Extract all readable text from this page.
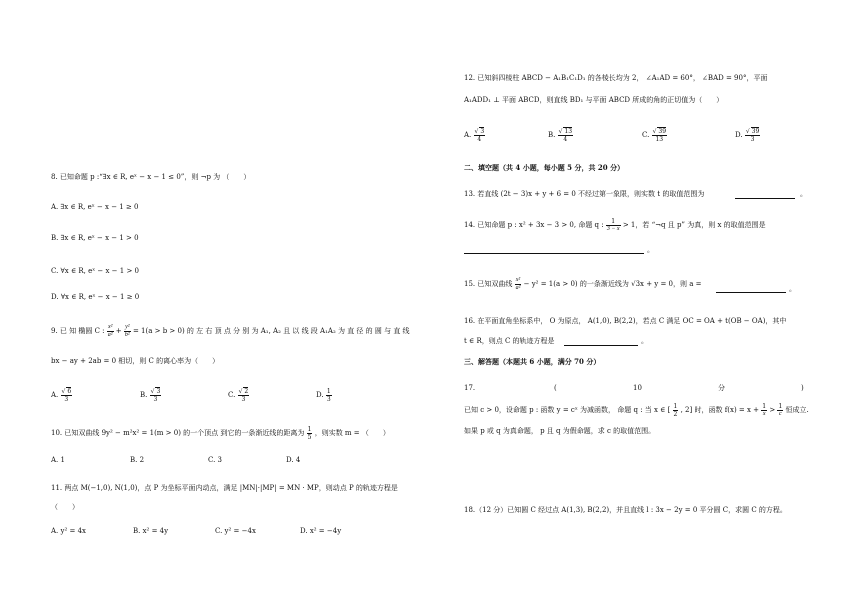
8. 已知命题 p :“∃x ∈ R, eˣ − x − 1 ≤ 0”，则 ¬p 为 （　　）
A. ∃x ∈ R, eˣ − x − 1 ≥ 0
B. ∃x ∈ R, eˣ − x − 1 > 0
C. ∀x ∈ R, eˣ − x − 1 > 0
D. ∀x ∈ R, eˣ − x − 1 ≥ 0
9. 已 知 椭圆 C : $\frac{\text{x²}}{\text{a²}} + \frac{\text{y²}}{\text{b²}} = 1(a > b > 0)$ 的 左 右 顶 点 分 别 为 A₁, A₂ 且 以 线 段 A₁A₂ 为 直 径 的 圆 与 直 线
bx − ay + 2ab = 0 相切，则 C 的离心率为（　　）
A. $\frac{√ 6}{3}$	B. $\frac{√ 3}{3}$	C. $\frac{√ 2}{3}$	D. $\frac{1}{3}$
10. 已知双曲线 9y² − m²x² = 1(m > 0) 的一个顶点 到它的一条渐近线的距离为 $\frac{1}{5}$ ，则实数 m = （　　）
A. 1	B. 2	C. 3	D. 4
11. 两点 M(−1,0), N(1,0)，点 P 为坐标平面内动点，满足 |MN|·|MP| = MN · MP，则动点 P 的轨迹方程是
（　　）
A. y² = 4x	B. x² = 4y	C. y² = −4x	D. x² = −4y
12. 已知斜四棱柱 ABCD − A₁B₁C₁D₁ 的各棱长均为 2， ∠A₁AD = 60°， ∠BAD = 90°，平面
A₁ADD₁ ⊥ 平面 ABCD，则直线 BD₁ 与平面 ABCD 所成的角的正切值为（　　）
A. $\frac{√ 3}{4}$	B. $\frac{√ 13}{4}$	C. $\frac{√ 39}{13}$	D. $\frac{√ 39}{3}$
二、填空题（共 4 小题，每小题 5 分，共 20 分）
13. 若直线 (2t − 3)x + y + 6 = 0 不经过第一象限，则实数 t 的取值范围为	。
14. 已知命题 p : x² + 3x − 3 > 0, 命题 q : $\frac{1}{3 - x} > 1$，若 “¬q 且 p” 为真，则 x 的取值范围是
。
15. 已知双曲线 $\frac{\text{x²}}{\text{a²}} - y^2 = 1(a > 0)$ 的一条渐近线为 √3x + y = 0，则 a =
。
16. 在平面直角坐标系中， O 为原点， A(1,0), B(2,2)，若点 C 满足 OC = OA + t(OB − OA)，其中
t ∈ R，则点 C 的轨迹方程是	。
三、解答题（本题共 6 小题，满分 70 分）
17.	(	10	分	)
已知 c > 0，设命题 p : 函数 y = cˣ 为减函数， 命题 q : 当 x ∈ [ $\frac{1}{2}$ , 2] 时，函数 $f(x) = x + \frac{1}{x} > \frac{1}{c}$ 恒成立.
如果 p 或 q 为真命题， p 且 q 为假命题，求 c 的取值范围。
18.（12 分）已知圆 C 经过点 A(1,3), B(2,2)，并且直线 l : 3x − 2y = 0 平分圆 C，求圆 C 的方程。
